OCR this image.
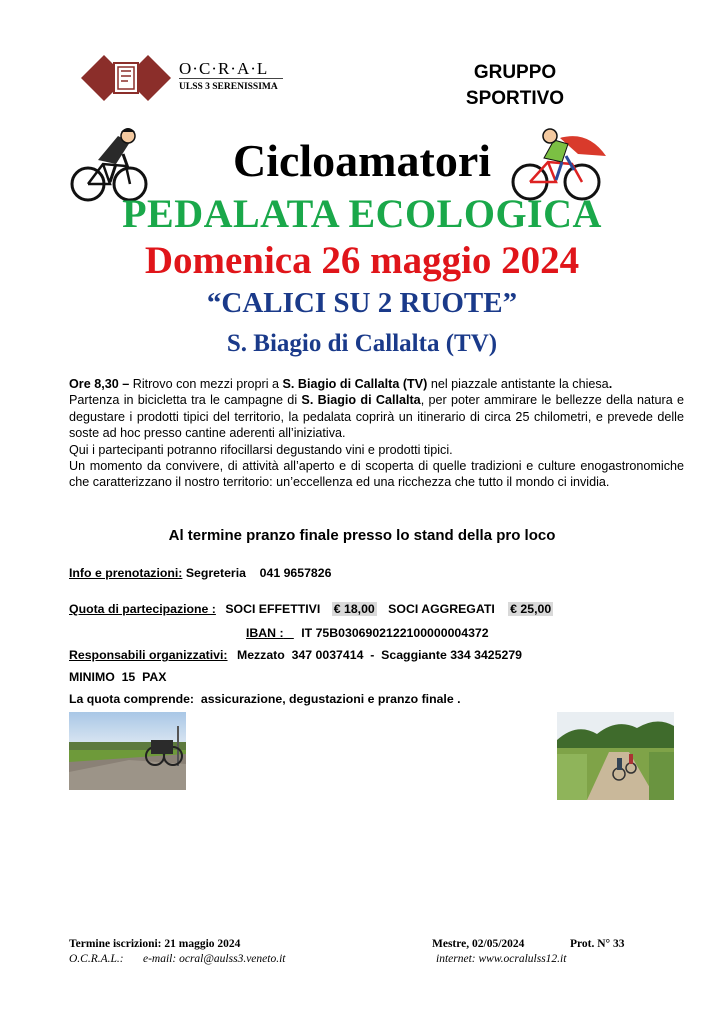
O·C·R·A·L
ULSS 3 SERENISSIMA
GRUPPO
SPORTIVO
Cicloamatori
PEDALATA ECOLOGICA
Domenica 26 maggio 2024
“CALICI SU 2 RUOTE”
S. Biagio di Callalta (TV)

Ore 8,30 – Ritrovo con mezzi propri a S. Biagio di Callalta (TV) nel piazzale antistante la chiesa.

Partenza in bicicletta tra le campagne di S. Biagio di Callalta, per poter ammirare le bellezze della natura e degustare i prodotti tipici del territorio, la pedalata coprirà un itinerario di circa 25 chilometri, e prevede delle soste ad hoc presso cantine aderenti all’iniziativa.

Qui i partecipanti potranno rifocillarsi degustando vini e prodotti tipici.

Un momento da convivere, di attività all’aperto e di scoperta di quelle tradizioni e culture enogastronomiche che caratterizzano il nostro territorio: un’eccellenza ed una ricchezza che tutto il mondo ci invidia.

Al termine pranzo finale presso lo stand della pro loco
Info e prenotazioni: Segreteria    041 9657826
Quota di partecipazione : SOCI EFFETTIVI € 18,00 SOCI AGGREGATI € 25,00
IBAN : IT 75B0306902122100000004372
Responsabili organizzativi: Mezzato  347 0037414  -  Scaggiante 334 3425279
MINIMO  15  PAX
La quota comprende:  assicurazione, degustazioni e pranzo finale .
Termine iscrizioni: 21 maggio 2024	Mestre, 02/05/2024	Prot. N° 33
O.C.R.A.L.: e-mail: ocral@aulss3.veneto.it	internet: www.ocralulss12.it
